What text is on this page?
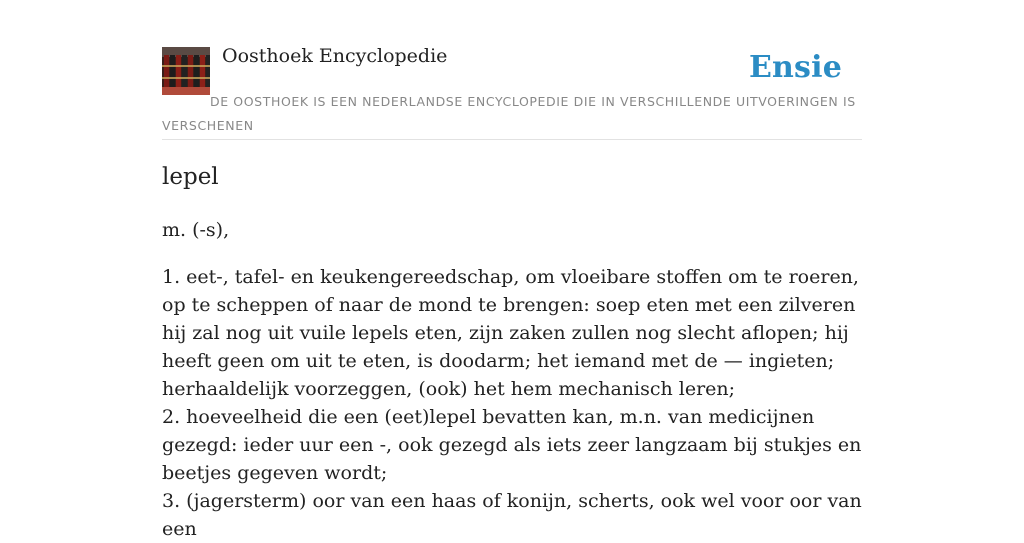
Oosthoek Encyclopedie	Ensie

DE OOSTHOEK IS EEN NEDERLANDSE ENCYCLOPEDIE DIE IN VERSCHILLENDE UITVOERINGEN IS VERSCHENEN

lepel

m. (-s),

1. eet-, tafel- en keukengereedschap, om vloeibare stoffen om te roeren, op te scheppen of naar de mond te brengen: soep eten met een zilveren hij zal nog uit vuile lepels eten, zijn zaken zullen nog slecht aflopen; hij heeft geen om uit te eten, is doodarm; het iemand met de — ingieten; herhaaldelijk voorzeggen, (ook) het hem mechanisch leren;
2. hoeveelheid die een (eet)lepel bevatten kan, m.n. van medicijnen gezegd: ieder uur een -, ook gezegd als iets zeer langzaam bij stukjes en beetjes gegeven wordt;
3. (jagersterm) oor van een haas of konijn, scherts, ook wel voor oor van een
